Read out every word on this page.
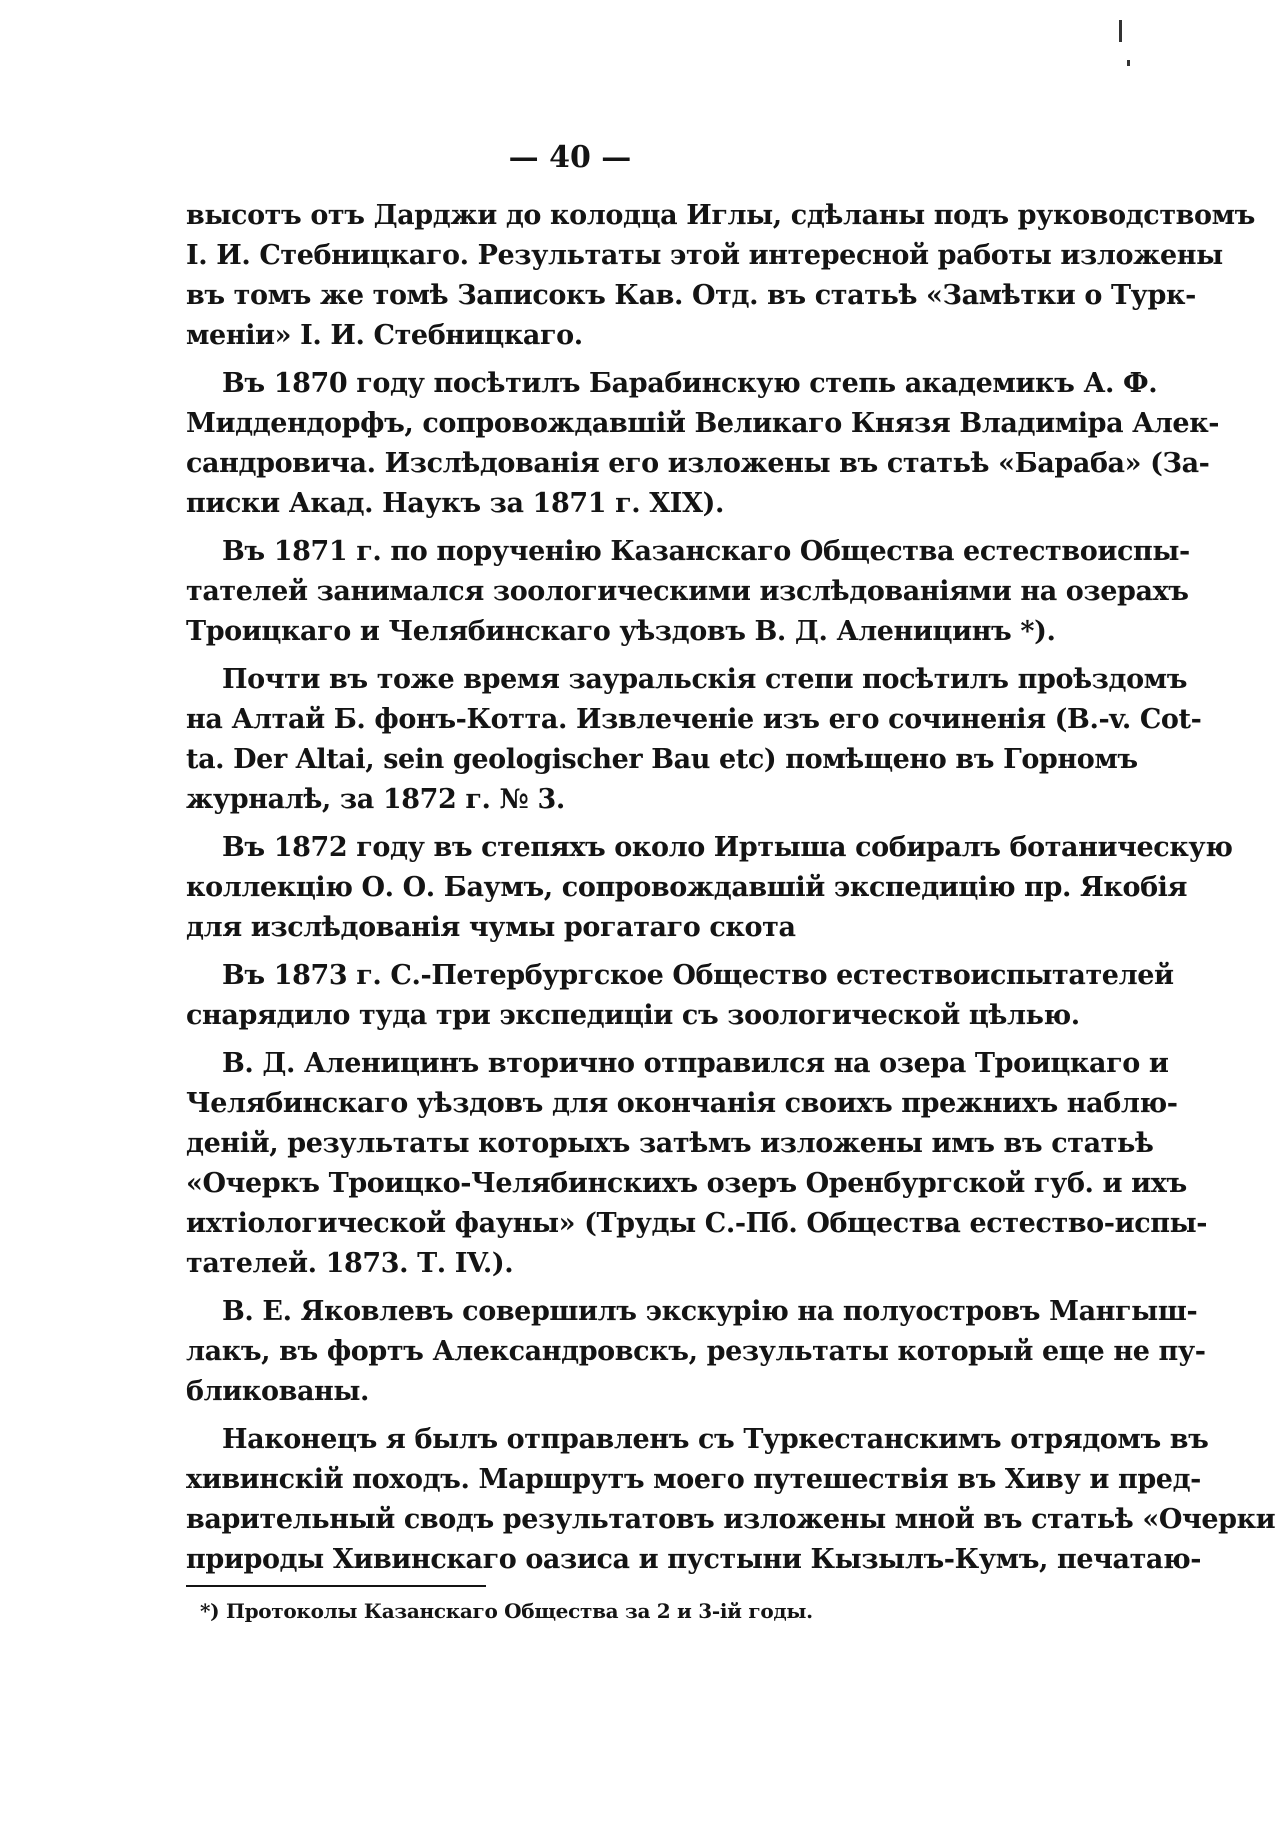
— 40 —
высотъ отъ Дарджи до колодца Иглы, сдѣланы подъ руководствомъ
I. И. Стебницкаго. Результаты этой интересной работы изложены
въ томъ же томѣ Записокъ Кав. Отд. въ статьѣ «Замѣтки о Турк-
меніи» I. И. Стебницкаго.
Въ 1870 году посѣтилъ Барабинскую степь академикъ А. Ф.
Миддендорфъ, сопровождавшій Великаго Князя Владиміра Алек-
сандровича. Изслѣдованія его изложены въ статьѣ «Бараба» (За-
писки Акад. Наукъ за 1871 г. XIX).
Въ 1871 г. по порученію Казанскаго Общества естествоиспы-
тателей занимался зоологическими изслѣдованіями на озерахъ
Троицкаго и Челябинскаго уѣздовъ В. Д. Аленицинъ *).
Почти въ тоже время зауральскія степи посѣтилъ проѣздомъ
на Алтай Б. фонъ-Котта. Извлеченіе изъ его сочиненія (B.-v. Cot-
ta. Der Altai, sein geologischer Bau etc) помѣщено въ Горномъ
журналѣ, за 1872 г. № 3.
Въ 1872 году въ степяхъ около Иртыша собиралъ ботаническую
коллекцію О. О. Баумъ, сопровождавшій экспедицію пр. Якобія
для изслѣдованія чумы рогатаго скота
Въ 1873 г. С.-Петербургское Общество естествоиспытателей
снарядило туда три экспедиціи съ зоологической цѣлью.
В. Д. Аленицинъ вторично отправился на озера Троицкаго и
Челябинскаго уѣздовъ для окончанія своихъ прежнихъ наблю-
деній, результаты которыхъ затѣмъ изложены имъ въ статьѣ
«Очеркъ Троицко-Челябинскихъ озеръ Оренбургской губ. и ихъ
ихтіологической фауны» (Труды С.-Пб. Общества естество-испы-
тателей. 1873. Т. IV.).
В. Е. Яковлевъ совершилъ экскурію на полуостровъ Мангыш-
лакъ, въ фортъ Александровскъ, результаты который еще не пу-
бликованы.
Наконецъ я былъ отправленъ съ Туркестанскимъ отрядомъ въ
хивинскій походъ. Маршрутъ моего путешествія въ Хиву и пред-
варительный сводъ результатовъ изложены мной въ статьѣ «Очерки
природы Хивинскаго оазиса и пустыни Кызылъ-Кумъ, печатаю-
*) Протоколы Казанскаго Общества за 2 и 3-ій годы.
